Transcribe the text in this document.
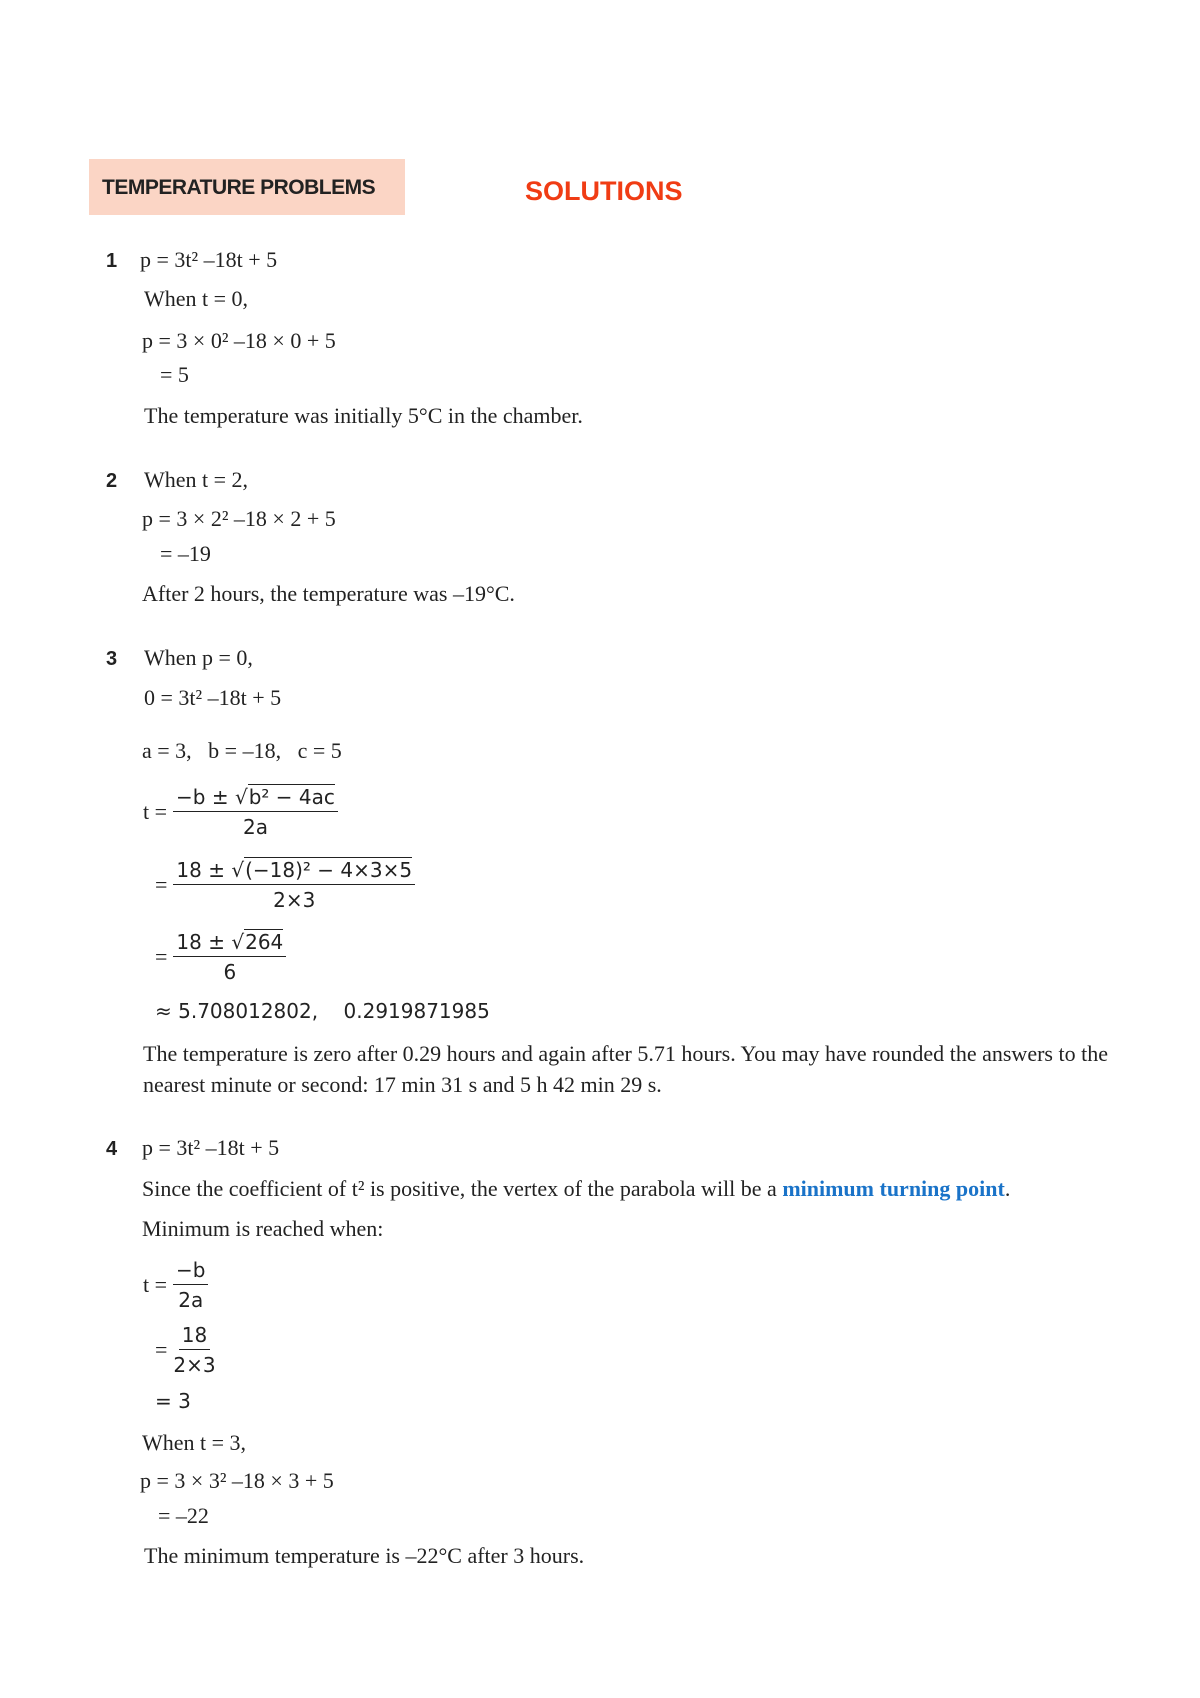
TEMPERATURE PROBLEMS	SOLUTIONS
1 p = 3t² –18t + 5
When t = 0,
p = 3 × 0² –18 × 0 + 5
= 5
The temperature was initially 5°C in the chamber.
2 When t = 2,
p = 3 × 2² –18 × 2 + 5
= –19
After 2 hours, the temperature was –19°C.
3 When p = 0,
0 = 3t² –18t + 5
a = 3,   b = –18,   c = 5
$t = \frac{\text{−b ± √b² − 4ac}}{2a}$
= $\frac{\text{18 ± √(−18)² − 4×3×5}}{2\times 3}$
= $\frac{18 \pm √264}{6}$
≈ 5.708012802,    0.2919871985
The temperature is zero after 0.29 hours and again after 5.71 hours. You may have rounded the answers to the nearest minute or second: 17 min 31 s and 5 h 42 min 29 s.
4 p = 3t² –18t + 5
Since the coefficient of t² is positive, the vertex of the parabola will be a minimum turning point.
Minimum is reached when:
$t = \frac{-b}{2a}$
= $\frac{18}{2\times 3}$
= 3
When t = 3,
p = 3 × 3² –18 × 3 + 5
= –22
The minimum temperature is –22°C after 3 hours.
